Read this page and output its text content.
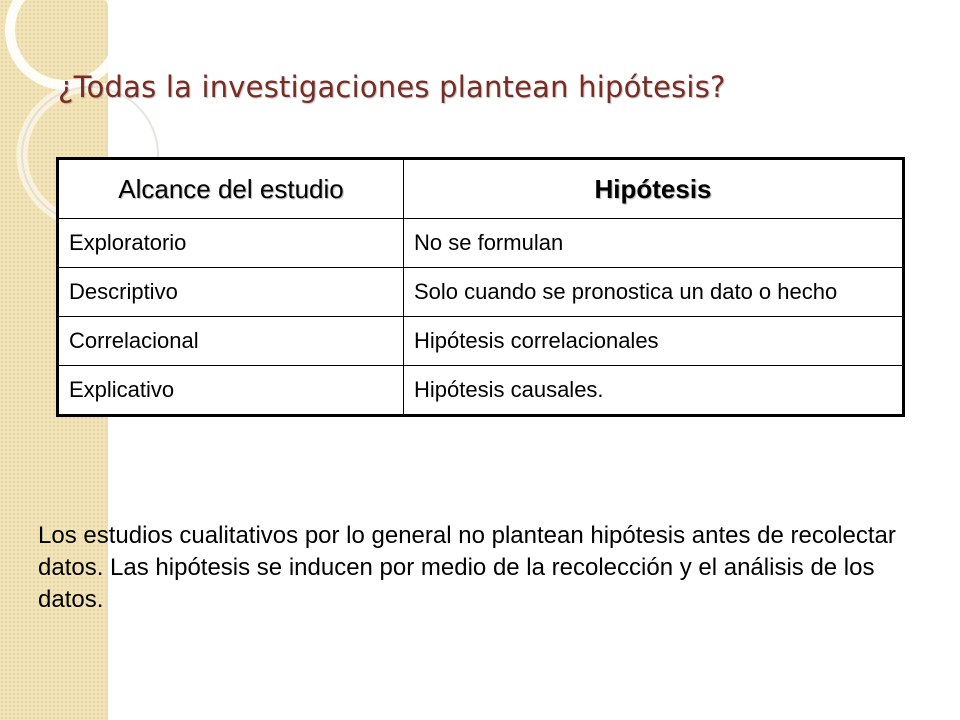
¿Todas la investigaciones plantean hipótesis?
Alcance del estudio	Hipótesis
Exploratorio	No se formulan
Descriptivo	Solo cuando se pronostica un dato o hecho
Correlacional	Hipótesis correlacionales
Explicativo	Hipótesis causales.

Los estudios cualitativos por lo general no plantean hipótesis antes de recolectar datos. Las hipótesis se inducen por medio de la recolección y el análisis de los datos.
